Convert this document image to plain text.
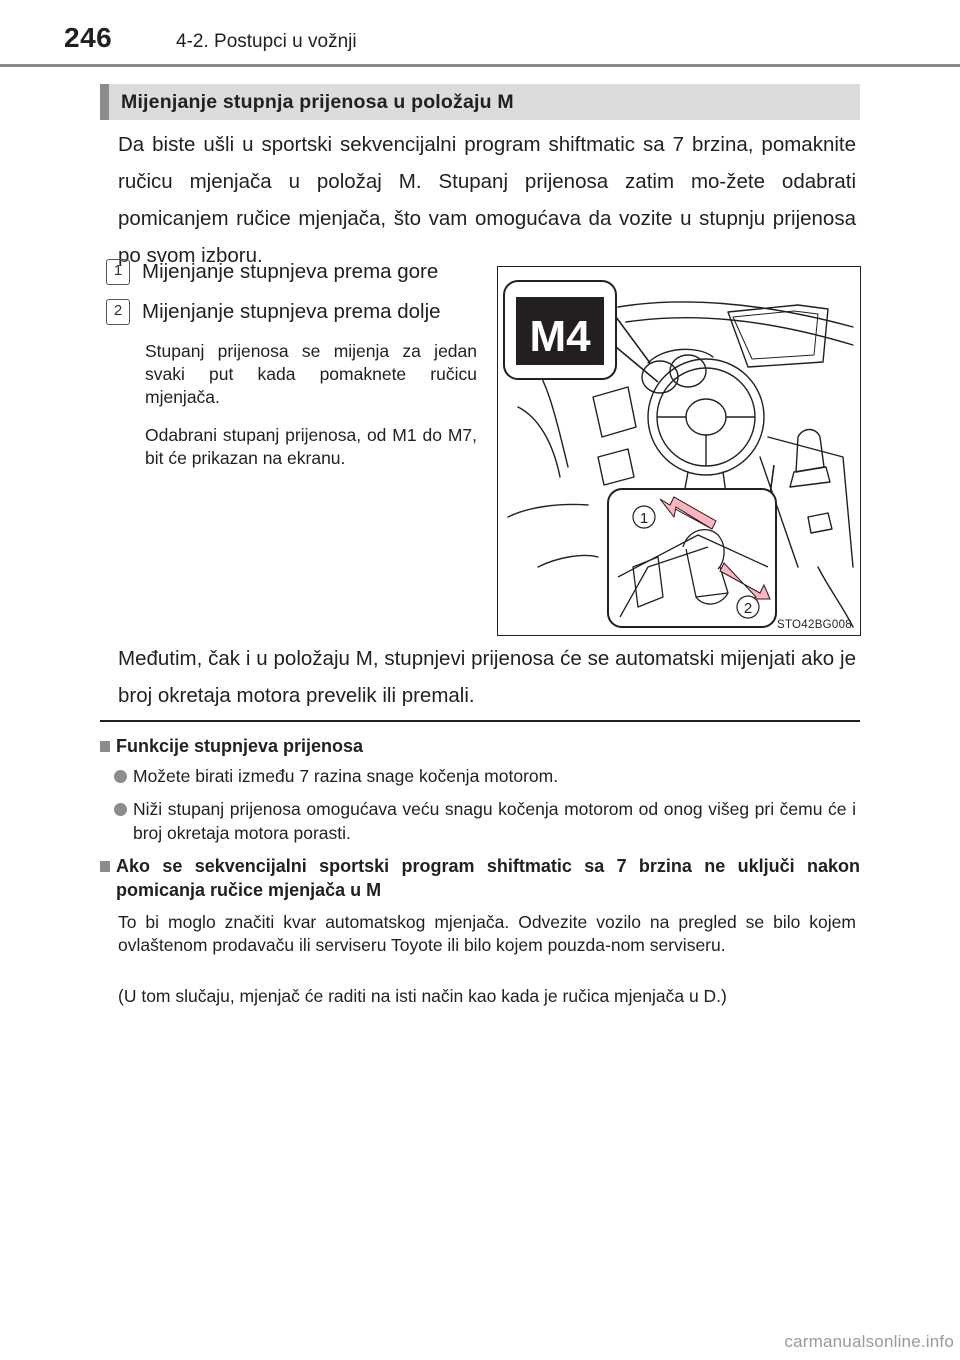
246	4-2. Postupci u vožnji
Mijenjanje stupnja prijenosa u položaju M
Da biste ušli u sportski sekvencijalni program shiftmatic sa 7 brzina, pomaknite ručicu mjenjača u položaj M. Stupanj prijenosa zatim mo-žete odabrati pomicanjem ručice mjenjača, što vam omogućava da vozite u stupnju prijenosa po svom izboru.
1 Mijenjanje stupnjeva prema gore
2 Mijenjanje stupnjeva prema dolje
Stupanj prijenosa se mijenja za jedan svaki put kada pomaknete ručicu mjenjača.
Odabrani stupanj prijenosa, od M1 do M7, bit će prikazan na ekranu.
M4
1
2
STO42BG008
Međutim, čak i u položaju M, stupnjevi prijenosa će se automatski mijenjati ako je broj okretaja motora prevelik ili premali.
Funkcije stupnjeva prijenosa
Možete birati između 7 razina snage kočenja motorom.
Niži stupanj prijenosa omogućava veću snagu kočenja motorom od onog višeg pri čemu će i broj okretaja motora porasti.
Ako se sekvencijalni sportski program shiftmatic sa 7 brzina ne uključi nakon pomicanja ručice mjenjača u M
To bi moglo značiti kvar automatskog mjenjača. Odvezite vozilo na pregled se bilo kojem ovlaštenom prodavaču ili serviseru Toyote ili bilo kojem pouzda-nom serviseru.
(U tom slučaju, mjenjač će raditi na isti način kao kada je ručica mjenjača u D.)
carmanualsonline.info
